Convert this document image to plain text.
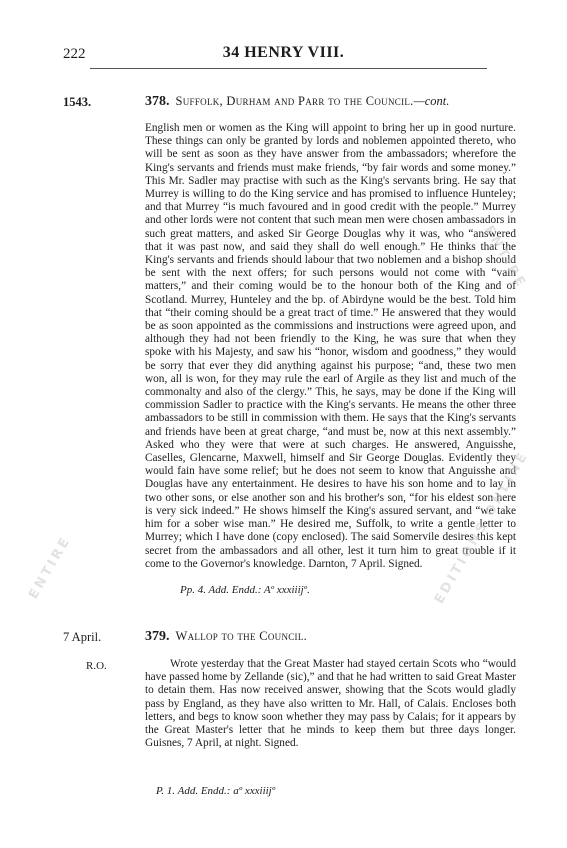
222	34 HENRY VIII.
1543.	378. Suffolk, Durham and Parr to the Council.—cont.

English men or women as the King will appoint to bring her up in good nurture. These things can only be granted by lords and noblemen appointed thereto, who will be sent as soon as they have answer from the ambassadors; wherefore the King's servants and friends must make friends, “by fair words and some money.” This Mr. Sadler may practise with such as the King's servants bring. He say that Murrey is willing to do the King service and has promised to influence Hunteley; and that Murrey “is much favoured and in good credit with the people.” Murrey and other lords were not content that such mean men were chosen ambassadors in such great matters, and asked Sir George Douglas why it was, who “answered that it was past now, and said they shall do well enough.” He thinks that the King's servants and friends should labour that two noblemen and a bishop should be sent with the next offers; for such persons would not come with “vain matters,” and their coming would be to the honour both of the King and of Scotland. Murrey, Hunteley and the bp. of Abirdyne would be the best. Told him that “their coming should be a great tract of time.” He answered that they would be as soon appointed as the commissions and instructions were agreed upon, and although they had not been friendly to the King, he was sure that when they spoke with his Majesty, and saw his “honor, wisdom and goodness,” they would be sorry that ever they did anything against his purpose; “and, these two men won, all is won, for they may rule the earl of Argile as they list and much of the commonalty and also of the clergy.” This, he says, may be done if the King will commission Sadler to practice with the King's servants. He means the other three ambassadors to be still in commission with them. He says that the King's servants and friends have been at great charge, “and must be, now at this next assembly.” Asked who they were that were at such charges. He answered, Anguisshe, Caselles, Glencarne, Maxwell, himself and Sir George Douglas. Evidently they would fain have some relief; but he does not seem to know that Anguisshe and Douglas have any entertainment. He desires to have his son home and to lay in two other sons, or else another son and his brother's son, “for his eldest son here is very sick indeed.” He shows himself the King's assured servant, and “we take him for a sober wise man.” He desired me, Suffolk, to write a gentle letter to Murrey; which I have done (copy enclosed). The said Somervile desires this kept secret from the ambassadors and all other, lest it turn him to great trouble if it come to the Governor's knowledge. Darnton, 7 April. Signed.

Pp. 4. Add. Endd.: Aº xxxiiijº.
7 April.	379. Wallop to the Council.
R.O.	Wrote yesterday that the Great Master had stayed certain Scots who “would have passed home by Zellande (sic),” and that he had written to said Great Master to detain them. Has now received answer, showing that the Scots would gladly pass by England, as they have also written to Mr. Hall, of Calais. Encloses both letters, and begs to know soon whether they may pass by Calais; for it appears by the Great Master's letter that he minds to keep them but three days longer. Guisnes, 7 April, at night. Signed.

P. 1. Add. Endd.: aº xxxiiijº
ENTIRE
ENTIRE	EDITIONS ONLINE
